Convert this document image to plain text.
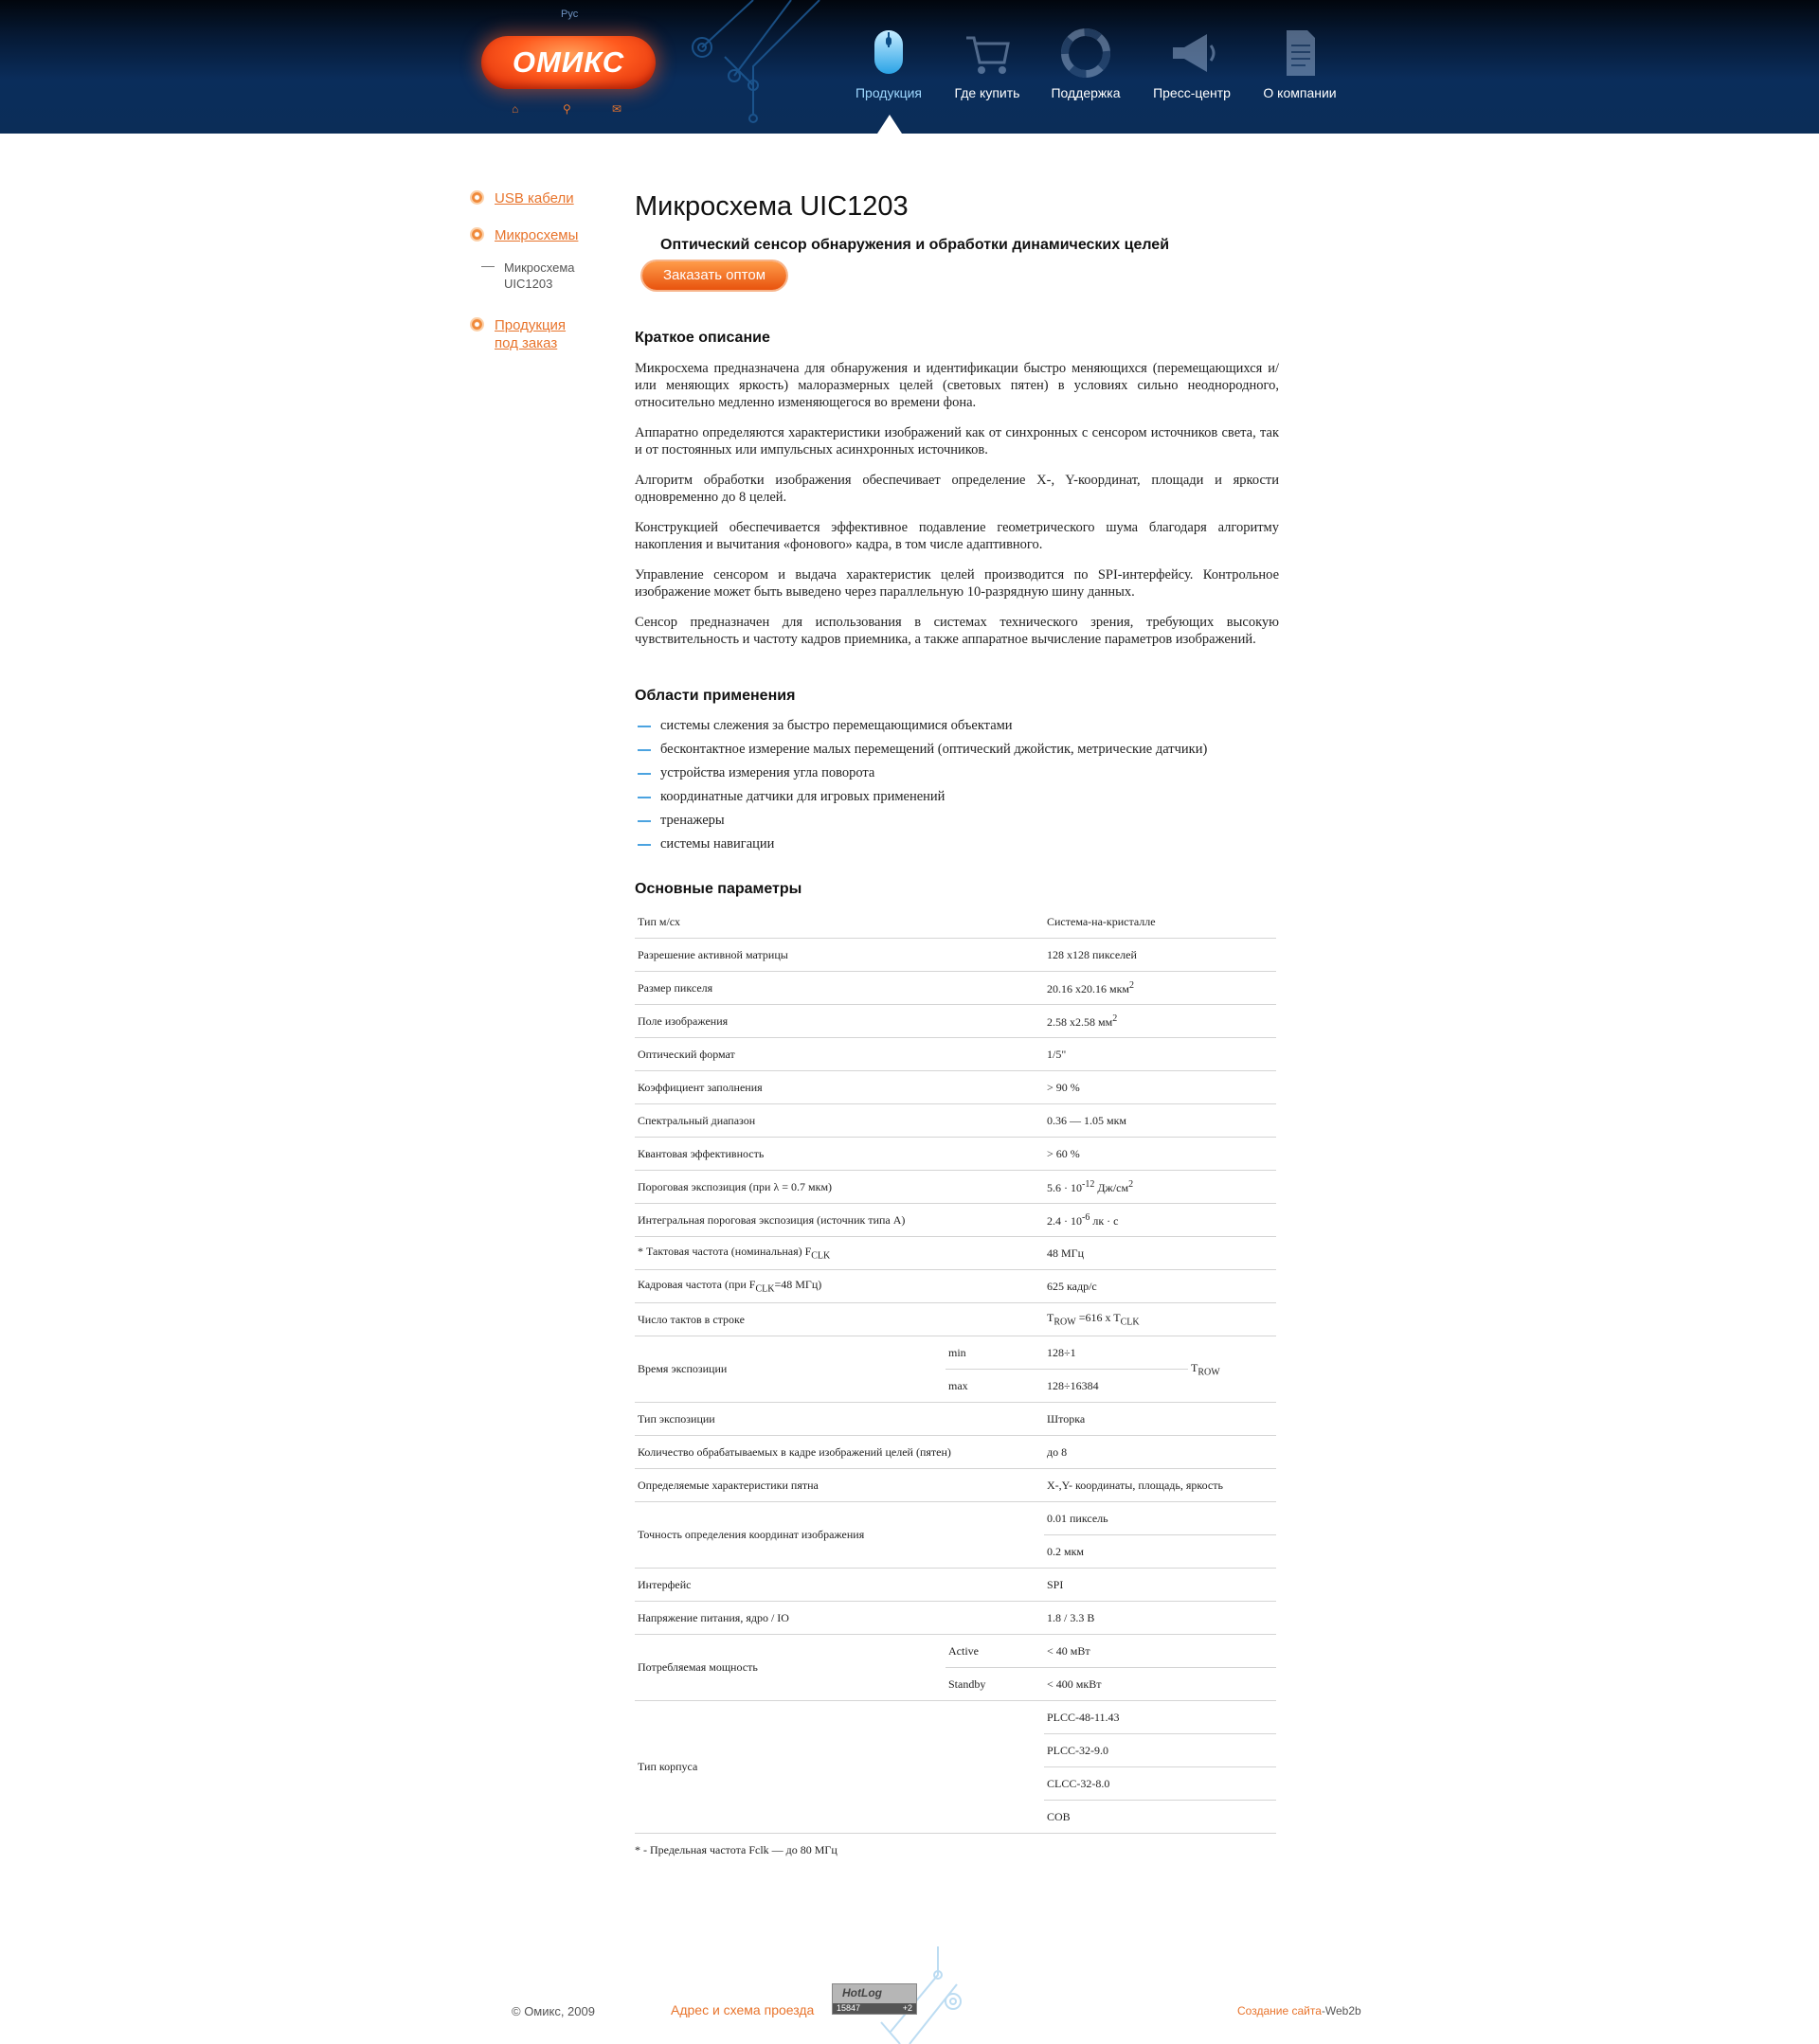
Рус
ОМИКС
⌂	⚲	✉
Продукция	Где купить	Поддержка	Пресс-центр	О компании
USB кабели
Микросхемы
Микросхема UIC1203
Продукция под заказ
Микросхема UIC1203
Оптический сенсор обнаружения и обработки динамических целей
Заказать оптом
Краткое описание

Микросхема предназначена для обнаружения и идентификации быстро меняющихся (перемещающихся и/или меняющих яркость) малоразмерных целей (световых пятен) в условиях сильно неоднородного, относительно медленно изменяющегося во времени фона.

Аппаратно определяются характеристики изображений как от синхронных с сенсором источников света, так и от постоянных или импульсных асинхронных источников.

Алгоритм обработки изображения обеспечивает определение X-, Y-координат, площади и яркости одновременно до 8 целей.

Конструкцией обеспечивается эффективное подавление геометрического шума благодаря алгоритму накопления и вычитания «фонового» кадра, в том числе адаптивного.

Управление сенсором и выдача характеристик целей производится по SPI-интерфейсу. Контрольное изображение может быть выведено через параллельную 10-разрядную шину данных.

Сенсор предназначен для использования в системах технического зрения, требующих высокую чувствительность и частоту кадров приемника, а также аппаратное вычисление параметров изображений.

Области применения
системы слежения за быстро перемещающимися объектами
бесконтактное измерение малых перемещений (оптический джойстик, метрические датчики)
устройства измерения угла поворота
координатные датчики для игровых применений
тренажеры
системы навигации
Основные параметры
Тип м/сх		Система-на-кристалле	
Разрешение активной матрицы		128 x128 пикселей	
Размер пикселя		20.16 x20.16 мкм$^2$
Поле изображения		2.58 x2.58 $мм^2$
Оптический формат		1/5"	
Коэффициент заполнения		> 90 %	
Спектральный диапазон		0.36 — 1.05 мкм	
Квантовая эффективность		> 60 %	
Пороговая экспозиция (при λ = 0.7 мкм)		$5.6 \cdot 10^{-12}$ $Дж/см^2$
Интегральная пороговая экспозиция (источник типа А)		$2.4 \cdot 10^{-6}$ лк · с	
* Тактовая частота (номинальная) $F_{CLK}$		48 МГц	
Кадровая частота (при $F_{CLK}=48$ МГц)		625 кадр/с	
Число тактов в строке		$T_{ROW} =616$ x $T_{CLK}$
Время экспозиции	min	128÷1	$T_{ROW}$
	max	128÷16384	
Тип экспозиции		Шторка	
Количество обрабатываемых в кадре изображений целей (пятен)		до 8	
Определяемые характеристики пятна		X-,Y- координаты, площадь, яркость	
Точность определения координат изображения		0.01 пиксель	
		0.2 мкм	
Интерфейс		SPI	
Напряжение питания, ядро / IO		1.8 / 3.3 В	
Потребляемая мощность	Active	< 40 мВт	
	Standby	< 400 мкВт	
Тип корпуса		PLCC-48-11.43	
		PLCC-32-9.0	
		CLCC-32-8.0	
		COB	
* - Предельная частота Fclk — до 80 МГц
© Омикс, 2009	Адрес и схема проезда
HotLog
15847	+2	Создание сайта-Web2b
